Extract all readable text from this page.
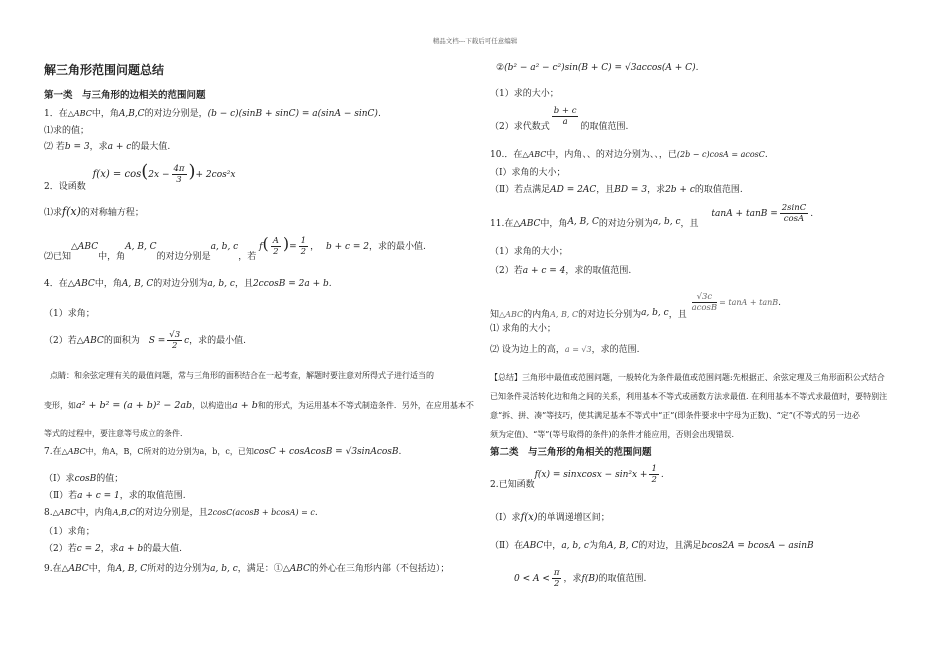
精品文档---下载后可任意编辑
解三角形范围问题总结
第一类　与三角形的边相关的范围问题
1．在△ABC中，角A,B,C的对边分别是，(b − c)(sinB + sinC) = a(sinA − sinC).
⑴求的值；
⑵ 若b = 3，求a + c的最大值.
2．设函数 $f(x) = \cos(2x - \frac{4\pi}{3}$ )+ 2cos²x
⑴求f(x)的对称轴方程；
⑵已知△ABC中，角A, B, C的对边分别是a, b, c，若 $f( \frac{A}{2}$ )= $\frac{1}{2}$ ， b + c = 2，求的最小值.
4．在△ABC中，角A, B, C的对边分别为a, b, c，且2ccosB = 2a + b.
（1）求角；
（2）若△ABC的面积为 $S = \frac{√3}{2}$ c，求的最小值.
点睛：和余弦定理有关的最值问题，常与三角形的面积结合在一起考查，解题时要注意对所得式子进行适当的
变形，如a² + b² = (a + b)² − 2ab，以构造出a + b和的形式，为运用基本不等式制造条件．另外，在应用基本不
等式的过程中，要注意等号成立的条件．
7.在△ABC中，角A，B，C所对的边分别为a，b，c，已知cosC + cosAcosB = √3sinAcosB.
（Ⅰ）求cosB的值；
（Ⅱ）若a + c = 1，求的取值范围.
8.△ABC中，内角A,B,C的对边分别是，且2cosC(acosB + bcosA) = c.
（1）求角；
（2）若c = 2，求a + b的最大值.
9.在△ABC中，角A, B, C所对的边分别为a, b, c，满足：①△ABC的外心在三角形内部（不包括边）；
②(b² − a² − c²)sin(B + C) = √3accos(A + C).
（1）求的大小；
（2）求代数式 $\frac{b + c}{a}$ 的取值范围.
10.．在△ABC中，内角、、的对边分别为、、，已(2b − c)cosA = acosC.
（Ⅰ）求角的大小；
（Ⅱ）若点满足AD = 2AC，且BD = 3，求2b + c的取值范围.
11.在△ABC中，角A, B, C的对边分别为a, b, c，且 $\tan A + \tan B = \frac{2\sin C}{\cos A}$ .
（1）求角的大小；
（2）若a + c = 4，求的取值范围.
知△ABC的内角A, B, C的对边长分别为a, b, c，且
$\frac{√3c}{acosB} = \tan A + \tan B$.
⑴ 求角的大小；
⑵ 设为边上的高，a = √3，求的范围.
【总结】三角形中最值或范围问题，一般转化为条件最值或范围问题:先根据正、余弦定理及三角形面积公式结合
已知条件灵活转化边和角之间的关系，利用基本不等式或函数方法求最值. 在利用基本不等式求最值时，要特别注
意“拆、拼、凑”等技巧，使其满足基本不等式中“正”(即条件要求中字母为正数)、“定”(不等式的另一边必
须为定值)、“等”(等号取得的条件)的条件才能应用，否则会出现错误.
第二类　与三角形的角相关的范围问题
2.已知函数f(x) = sinxcosx − $\sin^2x + \frac{1}{2}$ .
（Ⅰ）求f(x)的单调递增区间；
（Ⅱ）在ABC中，a, b, c为角A, B, C的对边，且满足bcos2A = bcosA − asinB
$0 < A < \frac{\pi}{2}$ ，求f(B)的取值范围.
